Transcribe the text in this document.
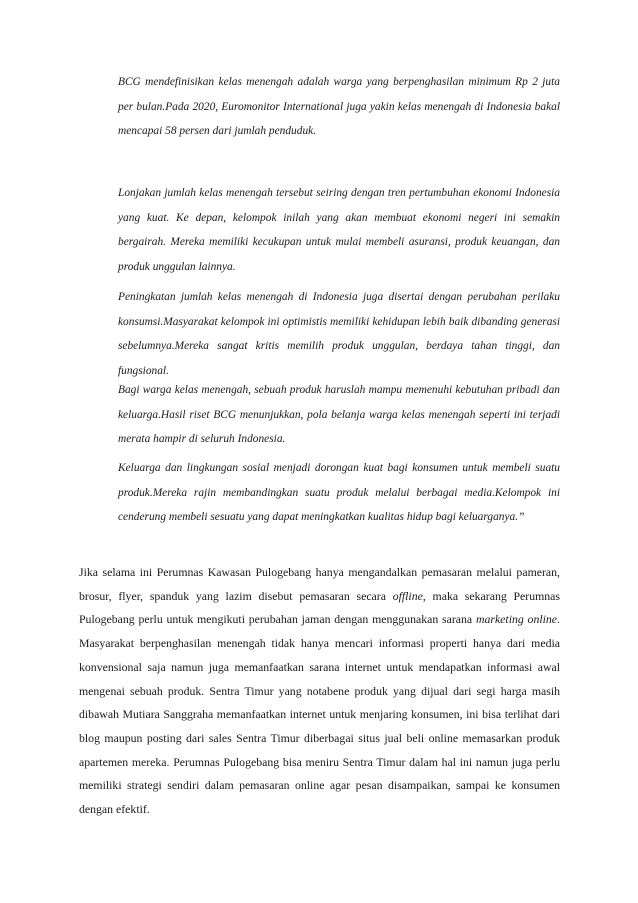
BCG mendefinisikan kelas menengah adalah warga yang berpenghasilan minimum Rp 2 juta per bulan.Pada 2020, Euromonitor International juga yakin kelas menengah di Indonesia bakal mencapai 58 persen dari jumlah penduduk.

Lonjakan jumlah kelas menengah tersebut seiring dengan tren pertumbuhan ekonomi Indonesia yang kuat. Ke depan, kelompok inilah yang akan membuat ekonomi negeri ini semakin bergairah. Mereka memiliki kecukupan untuk mulai membeli asuransi, produk keuangan, dan produk unggulan lainnya.

Peningkatan jumlah kelas menengah di Indonesia juga disertai dengan perubahan perilaku konsumsi.Masyarakat kelompok ini optimistis memiliki kehidupan lebih baik dibanding generasi sebelumnya.Mereka sangat kritis memilih produk unggulan, berdaya tahan tinggi, dan fungsional.

Bagi warga kelas menengah, sebuah produk haruslah mampu memenuhi kebutuhan pribadi dan keluarga.Hasil riset BCG menunjukkan, pola belanja warga kelas menengah seperti ini terjadi merata hampir di seluruh Indonesia.

Keluarga dan lingkungan sosial menjadi dorongan kuat bagi konsumen untuk membeli suatu produk.Mereka rajin membandingkan suatu produk melalui berbagai media.Kelompok ini cenderung membeli sesuatu yang dapat meningkatkan kualitas hidup bagi keluarganya.”

Jika selama ini Perumnas Kawasan Pulogebang hanya mengandalkan pemasaran melalui pameran, brosur, flyer, spanduk yang lazim disebut pemasaran secara offline, maka sekarang Perumnas Pulogebang perlu untuk mengikuti perubahan jaman dengan menggunakan sarana marketing online. Masyarakat berpenghasilan menengah tidak hanya mencari informasi properti hanya dari media konvensional saja namun juga memanfaatkan sarana internet untuk mendapatkan informasi awal mengenai sebuah produk. Sentra Timur yang notabene produk yang dijual dari segi harga masih dibawah Mutiara Sanggraha memanfaatkan internet untuk menjaring konsumen, ini bisa terlihat dari blog maupun posting dari sales Sentra Timur diberbagai situs jual beli online memasarkan produk apartemen mereka. Perumnas Pulogebang bisa meniru Sentra Timur dalam hal ini namun juga perlu memiliki strategi sendiri dalam pemasaran online agar pesan disampaikan, sampai ke konsumen dengan efektif.
